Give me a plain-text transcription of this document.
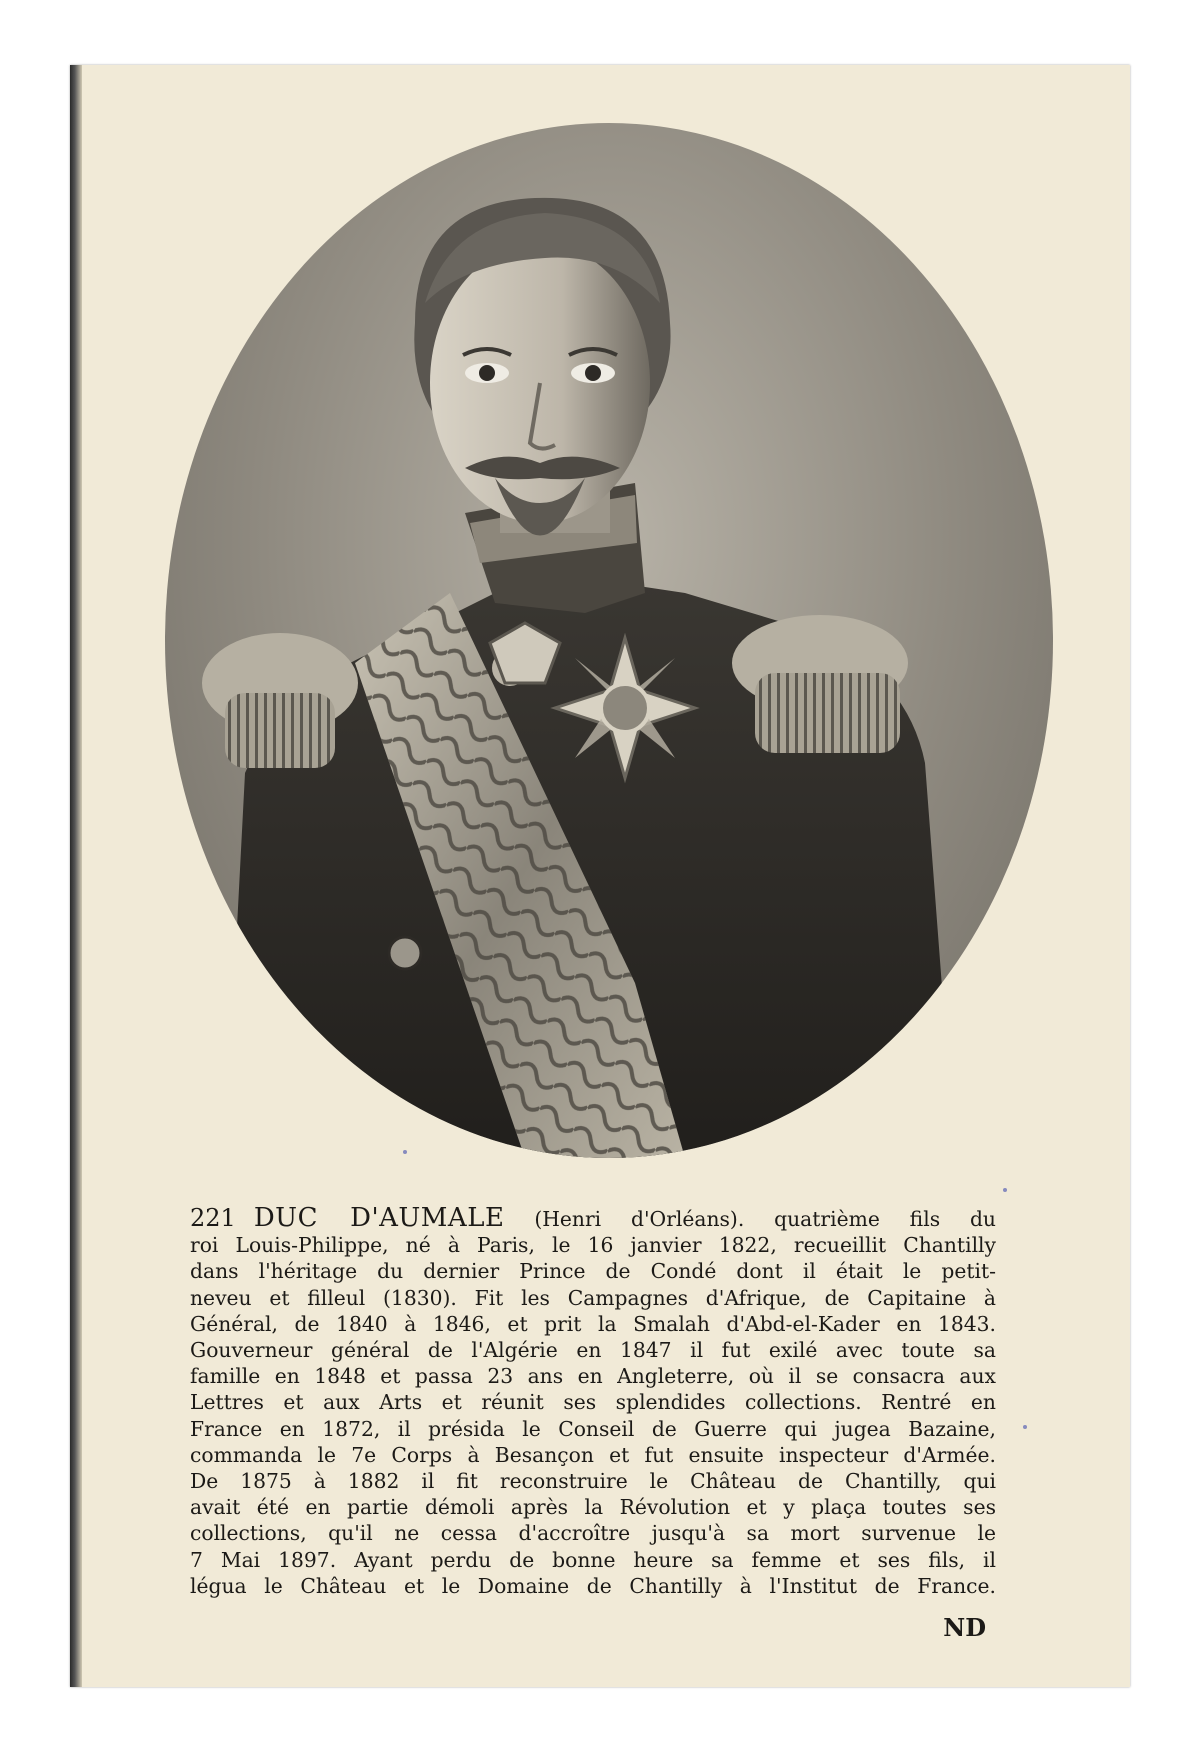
221 DUC D'AUMALE (Henri d'Orléans). quatrième fils du
roi Louis-Philippe, né à Paris, le 16 janvier 1822, recueillit Chantilly
dans l'héritage du dernier Prince de Condé dont il était le petit-
neveu et filleul (1830). Fit les Campagnes d'Afrique, de Capitaine à
Général, de 1840 à 1846, et prit la Smalah d'Abd-el-Kader en 1843.
Gouverneur général de l'Algérie en 1847 il fut exilé avec toute sa
famille en 1848 et passa 23 ans en Angleterre, où il se consacra aux
Lettres et aux Arts et réunit ses splendides collections. Rentré en
France en 1872, il présida le Conseil de Guerre qui jugea Bazaine,
commanda le 7e Corps à Besançon et fut ensuite inspecteur d'Armée.
De 1875 à 1882 il fit reconstruire le Château de Chantilly, qui
avait été en partie démoli après la Révolution et y plaça toutes ses
collections, qu'il ne cessa d'accroître jusqu'à sa mort survenue le
7 Mai 1897. Ayant perdu de bonne heure sa femme et ses fils, il
légua le Château et le Domaine de Chantilly à l'Institut de France.
ND
